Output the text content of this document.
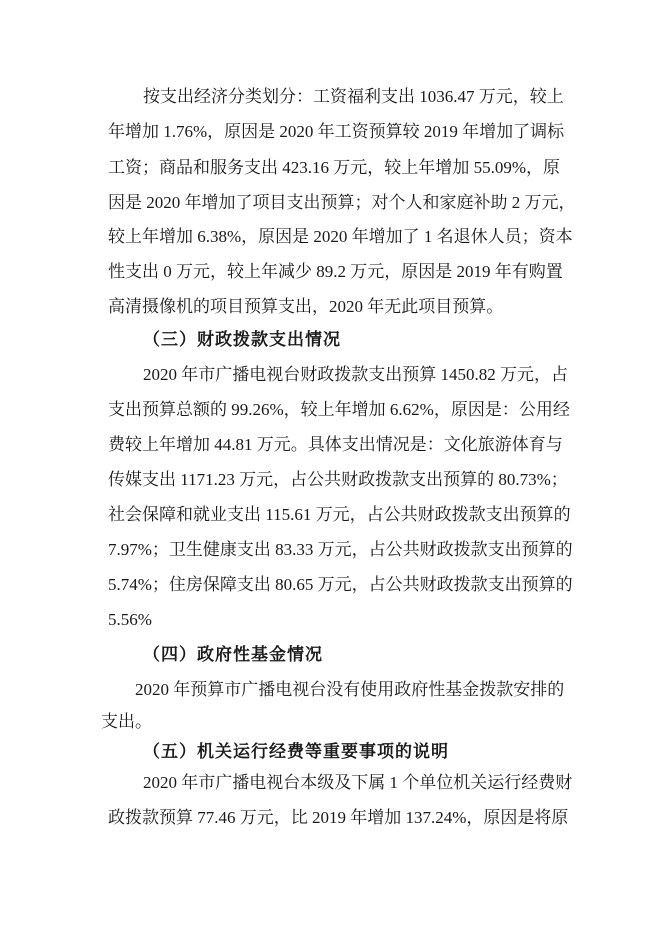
按支出经济分类划分：工资福利支出 1036.47 万元，较上
年增加 1.76%，原因是 2020 年工资预算较 2019 年增加了调标
工资；商品和服务支出 423.16 万元，较上年增加 55.09%，原
因是 2020 年增加了项目支出预算；对个人和家庭补助 2 万元，
较上年增加 6.38%，原因是 2020 年增加了 1 名退休人员；资本
性支出 0 万元，较上年减少 89.2 万元，原因是 2019 年有购置
高清摄像机的项目预算支出，2020 年无此项目预算。
（三）财政拨款支出情况
2020 年市广播电视台财政拨款支出预算 1450.82 万元，占
支出预算总额的 99.26%，较上年增加 6.62%，原因是：公用经
费较上年增加 44.81 万元。具体支出情况是：文化旅游体育与
传媒支出 1171.23 万元，占公共财政拨款支出预算的 80.73%；
社会保障和就业支出 115.61 万元，占公共财政拨款支出预算的
7.97%；卫生健康支出 83.33 万元，占公共财政拨款支出预算的
5.74%；住房保障支出 80.65 万元，占公共财政拨款支出预算的
5.56%
（四）政府性基金情况
2020 年预算市广播电视台没有使用政府性基金拨款安排的
支出。
（五）机关运行经费等重要事项的说明
2020 年市广播电视台本级及下属 1 个单位机关运行经费财
政拨款预算 77.46 万元，比 2019 年增加 137.24%，原因是将原
